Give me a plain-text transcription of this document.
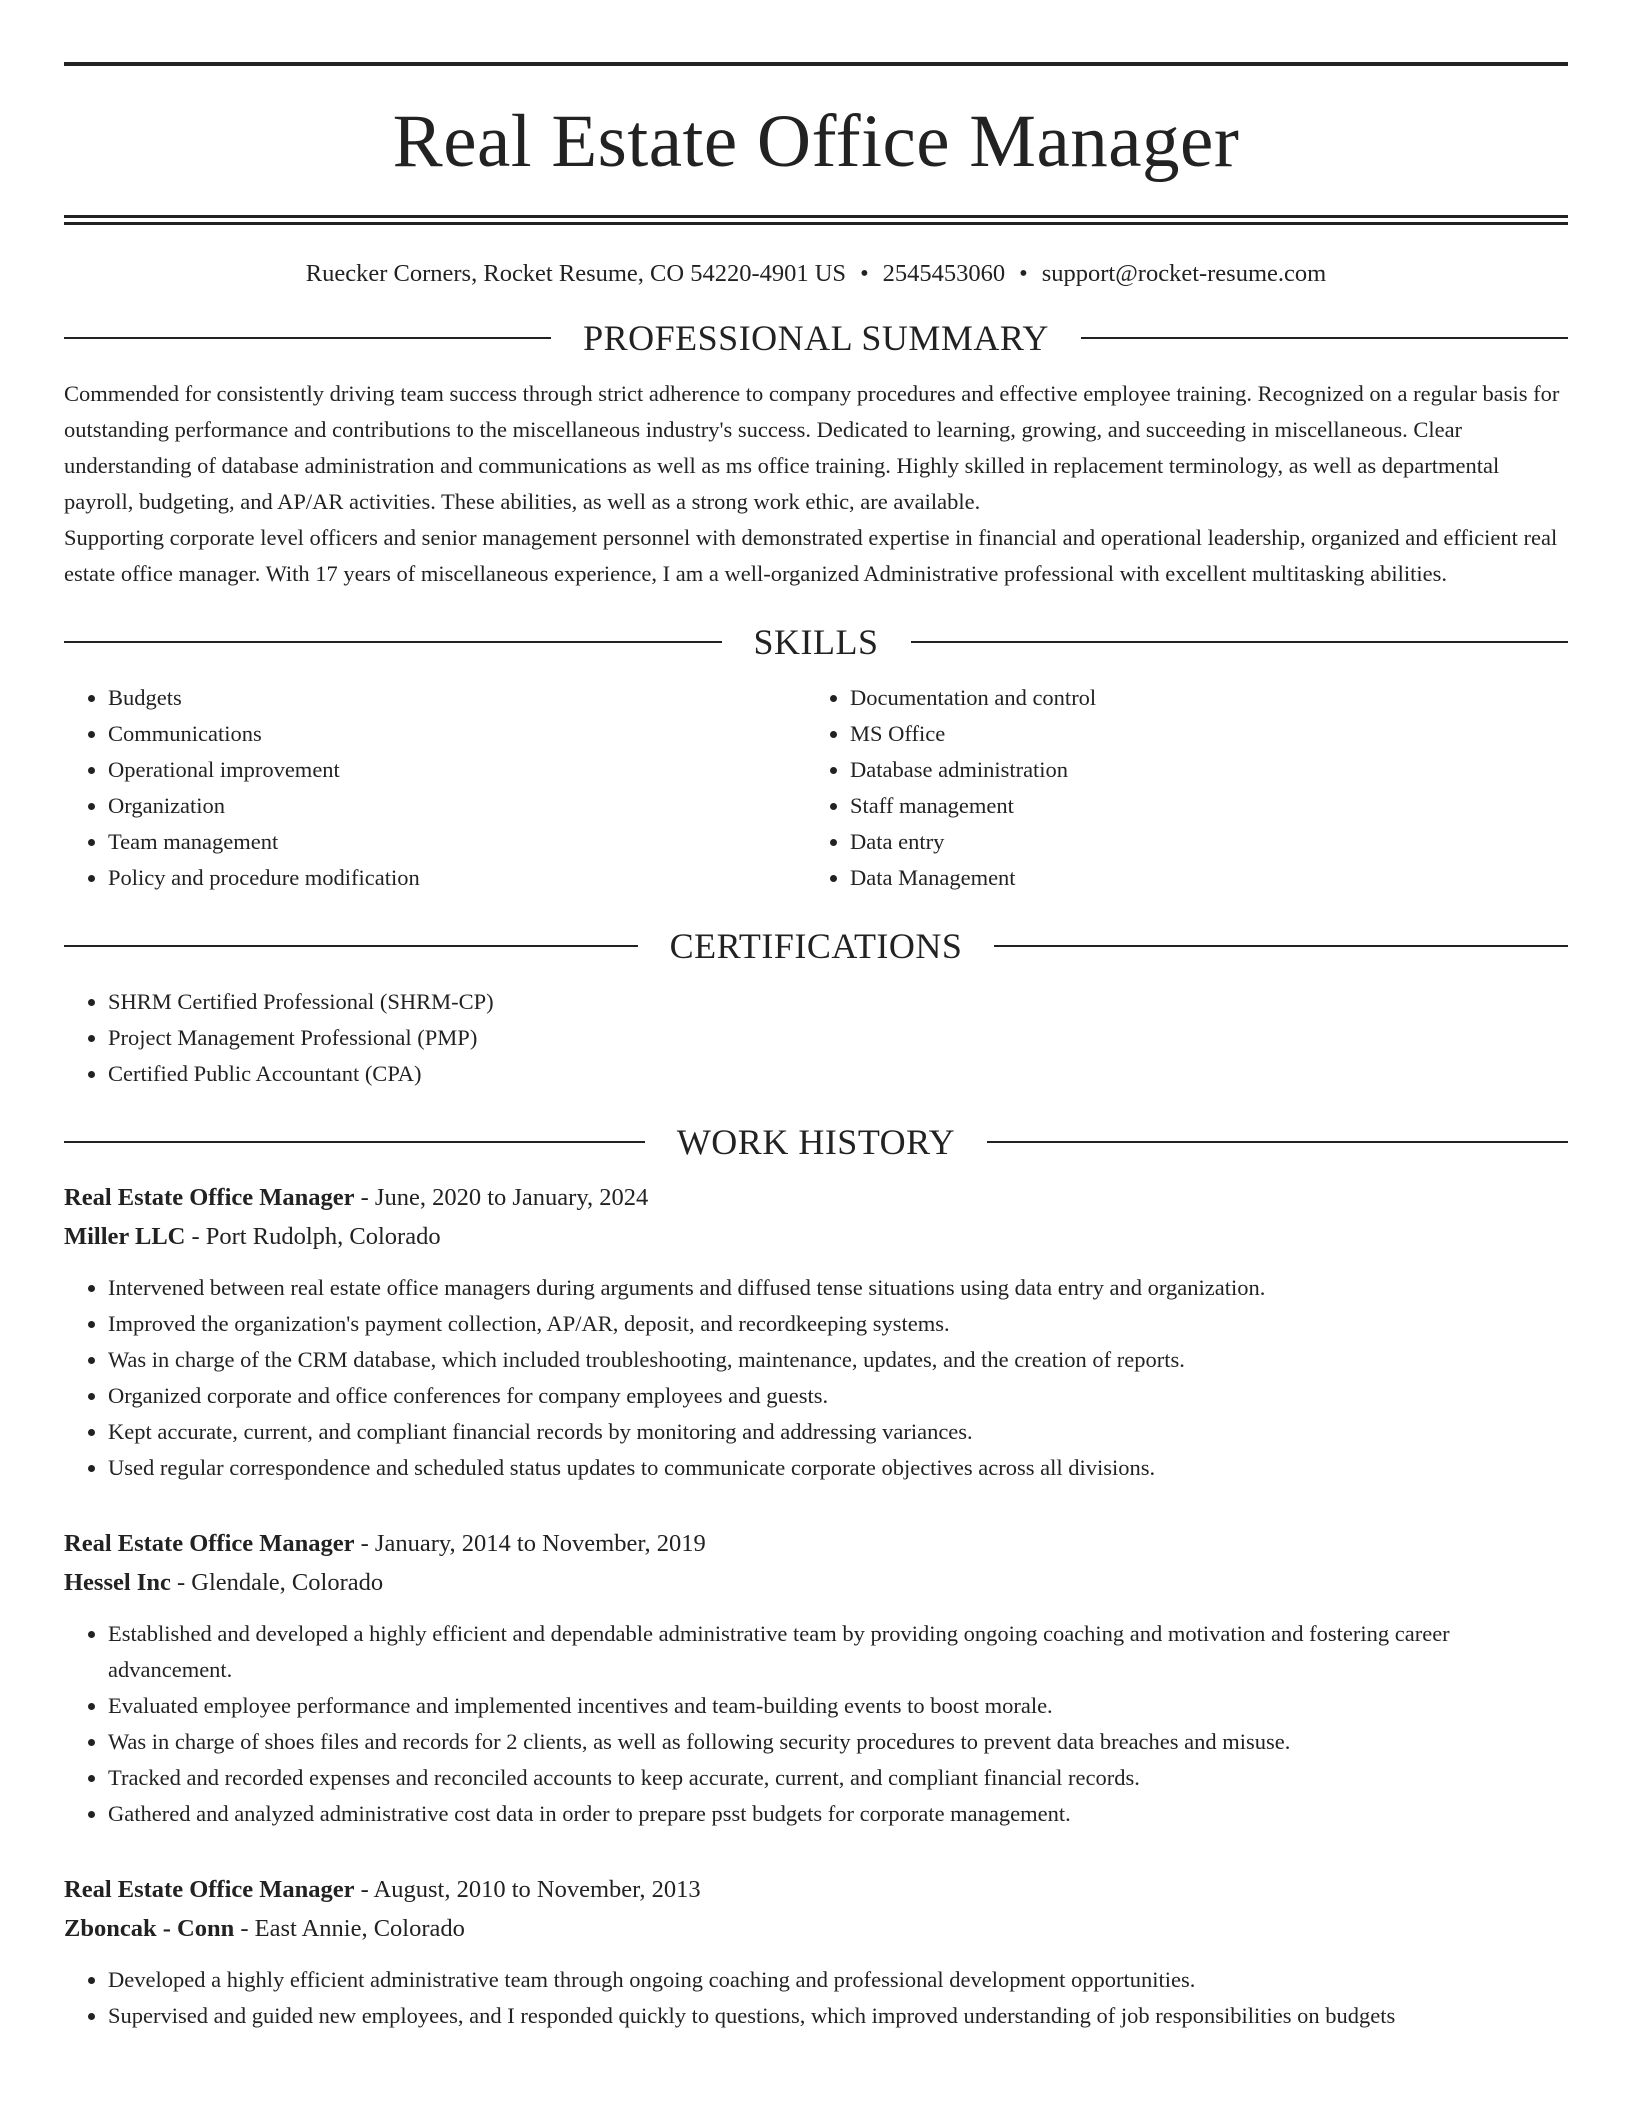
Real Estate Office Manager
Ruecker Corners, Rocket Resume, CO 54220-4901 US • 2545453060 • support@rocket-resume.com
PROFESSIONAL SUMMARY

Commended for consistently driving team success through strict adherence to company procedures and effective employee training. Recognized on a regular basis for outstanding performance and contributions to the miscellaneous industry's success. Dedicated to learning, growing, and succeeding in miscellaneous. Clear understanding of database administration and communications as well as ms office training. Highly skilled in replacement terminology, as well as departmental payroll, budgeting, and AP/AR activities. These abilities, as well as a strong work ethic, are available.

Supporting corporate level officers and senior management personnel with demonstrated expertise in financial and operational leadership, organized and efficient real estate office manager. With 17 years of miscellaneous experience, I am a well-organized Administrative professional with excellent multitasking abilities.

SKILLS
• Budgets
• Communications
• Operational improvement
• Organization
• Team management
• Policy and procedure modification
• Documentation and control
• MS Office
• Database administration
• Staff management
• Data entry
• Data Management
CERTIFICATIONS
• SHRM Certified Professional (SHRM-CP)
• Project Management Professional (PMP)
• Certified Public Accountant (CPA)
WORK HISTORY
Real Estate Office Manager - June, 2020 to January, 2024
Miller LLC - Port Rudolph, Colorado
• Intervened between real estate office managers during arguments and diffused tense situations using data entry and organization.
• Improved the organization's payment collection, AP/AR, deposit, and recordkeeping systems.
• Was in charge of the CRM database, which included troubleshooting, maintenance, updates, and the creation of reports.
• Organized corporate and office conferences for company employees and guests.
• Kept accurate, current, and compliant financial records by monitoring and addressing variances.
• Used regular correspondence and scheduled status updates to communicate corporate objectives across all divisions.
Real Estate Office Manager - January, 2014 to November, 2019
Hessel Inc - Glendale, Colorado
• Established and developed a highly efficient and dependable administrative team by providing ongoing coaching and motivation and fostering career advancement.
• Evaluated employee performance and implemented incentives and team-building events to boost morale.
• Was in charge of shoes files and records for 2 clients, as well as following security procedures to prevent data breaches and misuse.
• Tracked and recorded expenses and reconciled accounts to keep accurate, current, and compliant financial records.
• Gathered and analyzed administrative cost data in order to prepare psst budgets for corporate management.
Real Estate Office Manager - August, 2010 to November, 2013
Zboncak - Conn - East Annie, Colorado
• Developed a highly efficient administrative team through ongoing coaching and professional development opportunities.
• Supervised and guided new employees, and I responded quickly to questions, which improved understanding of job responsibilities on budgets
